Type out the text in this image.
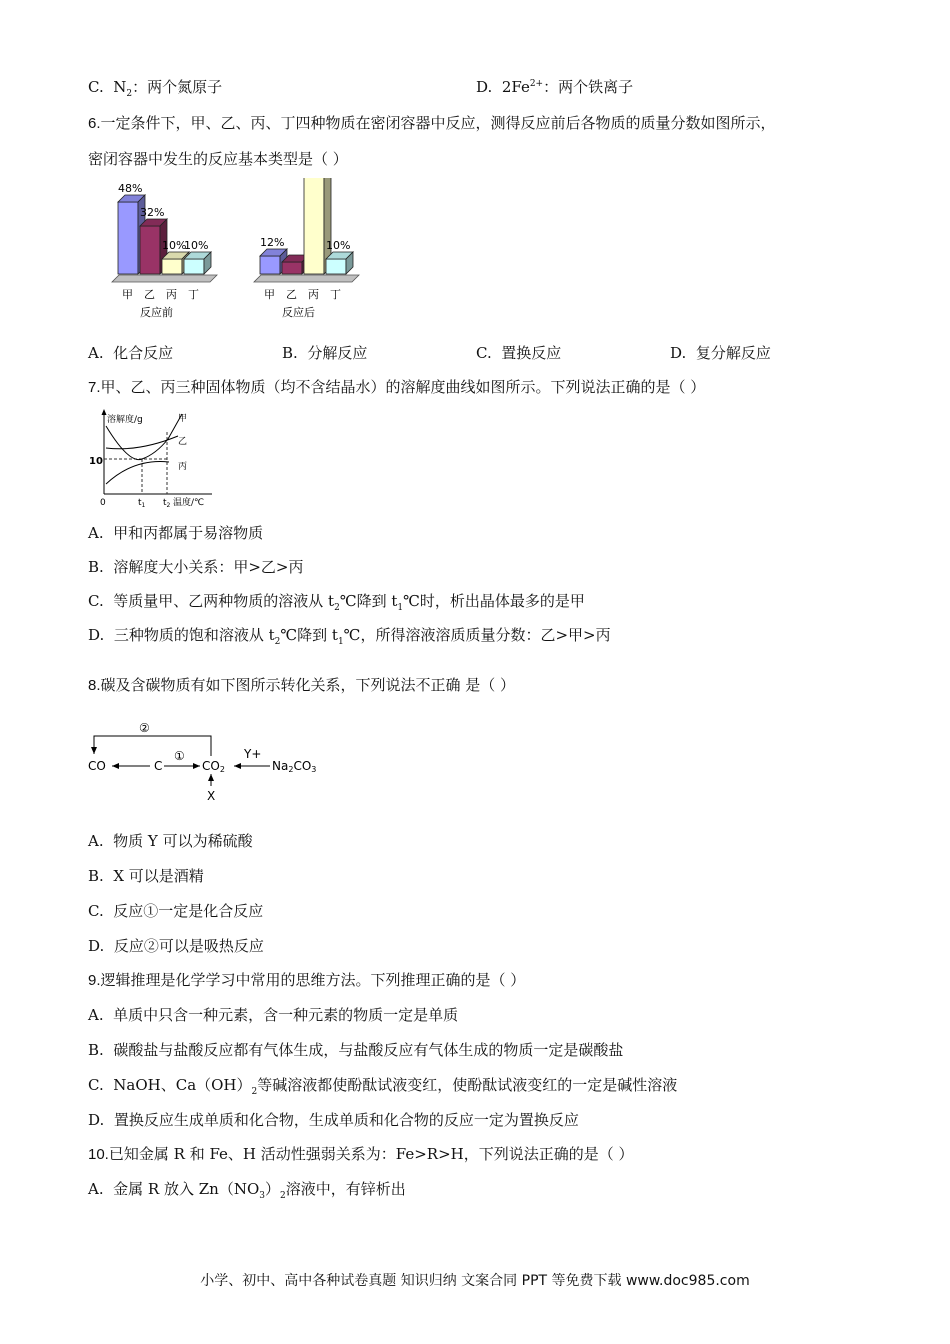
C. $N_2$：两个氮原子	D. $2Fe^{2+}$：两个铁离子
6.一定条件下，甲、乙、丙、丁四种物质在密闭容器中反应，测得反应前后各物质的质量分数如图所示，
密闭容器中发生的反应基本类型是（ ）
48%
32%
10%
10%	12%	10%
甲 乙 丙 丁
反应前
甲 乙 丙 丁
反应后
A. 化合反应	B. 分解反应	C. 置换反应	D. 复分解反应
7.甲、乙、丙三种固体物质（均不含结晶水）的溶解度曲线如图所示。下列说法正确的是（ ）
溶解度/g
10
0
甲
乙
丙
$t_1$ $t_2$ 温度/℃
A. 甲和丙都属于易溶物质
B. 溶解度大小关系：甲>乙>丙
C. 等质量甲、乙两种物质的溶液从 $t_2℃$降到 $t_1℃$时，析出晶体最多的是甲
D. 三种物质的饱和溶液从 $t_2℃$降到 $t_1℃$，所得溶液溶质质量分数：乙>甲>丙
8.碳及含碳物质有如下图所示转化关系，下列说法不正确 是（ ）
CO	C	CO2	Na2CO3
①	Y+
②
X
A. 物质 Y 可以为稀硫酸
B. X 可以是酒精
C. 反应①一定是化合反应
D. 反应②可以是吸热反应
9.逻辑推理是化学学习中常用的思维方法。下列推理正确的是（ ）
A. 单质中只含一种元素，含一种元素的物质一定是单质
B. 碳酸盐与盐酸反应都有气体生成，与盐酸反应有气体生成的物质一定是碳酸盐
C. NaOH、$Ca(OH)_2$等碱溶液都使酚酞试液变红，使酚酞试液变红的一定是碱性溶液
D. 置换反应生成单质和化合物，生成单质和化合物的反应一定为置换反应
10.已知金属 R 和 Fe、H 活动性强弱关系为：Fe>R>H，下列说法正确的是（ ）
A. 金属 R 放入 $Zn(NO_3)_2$溶液中，有锌析出
小学、初中、高中各种试卷真题 知识归纳 文案合同 PPT 等免费下载 www.doc985.com
